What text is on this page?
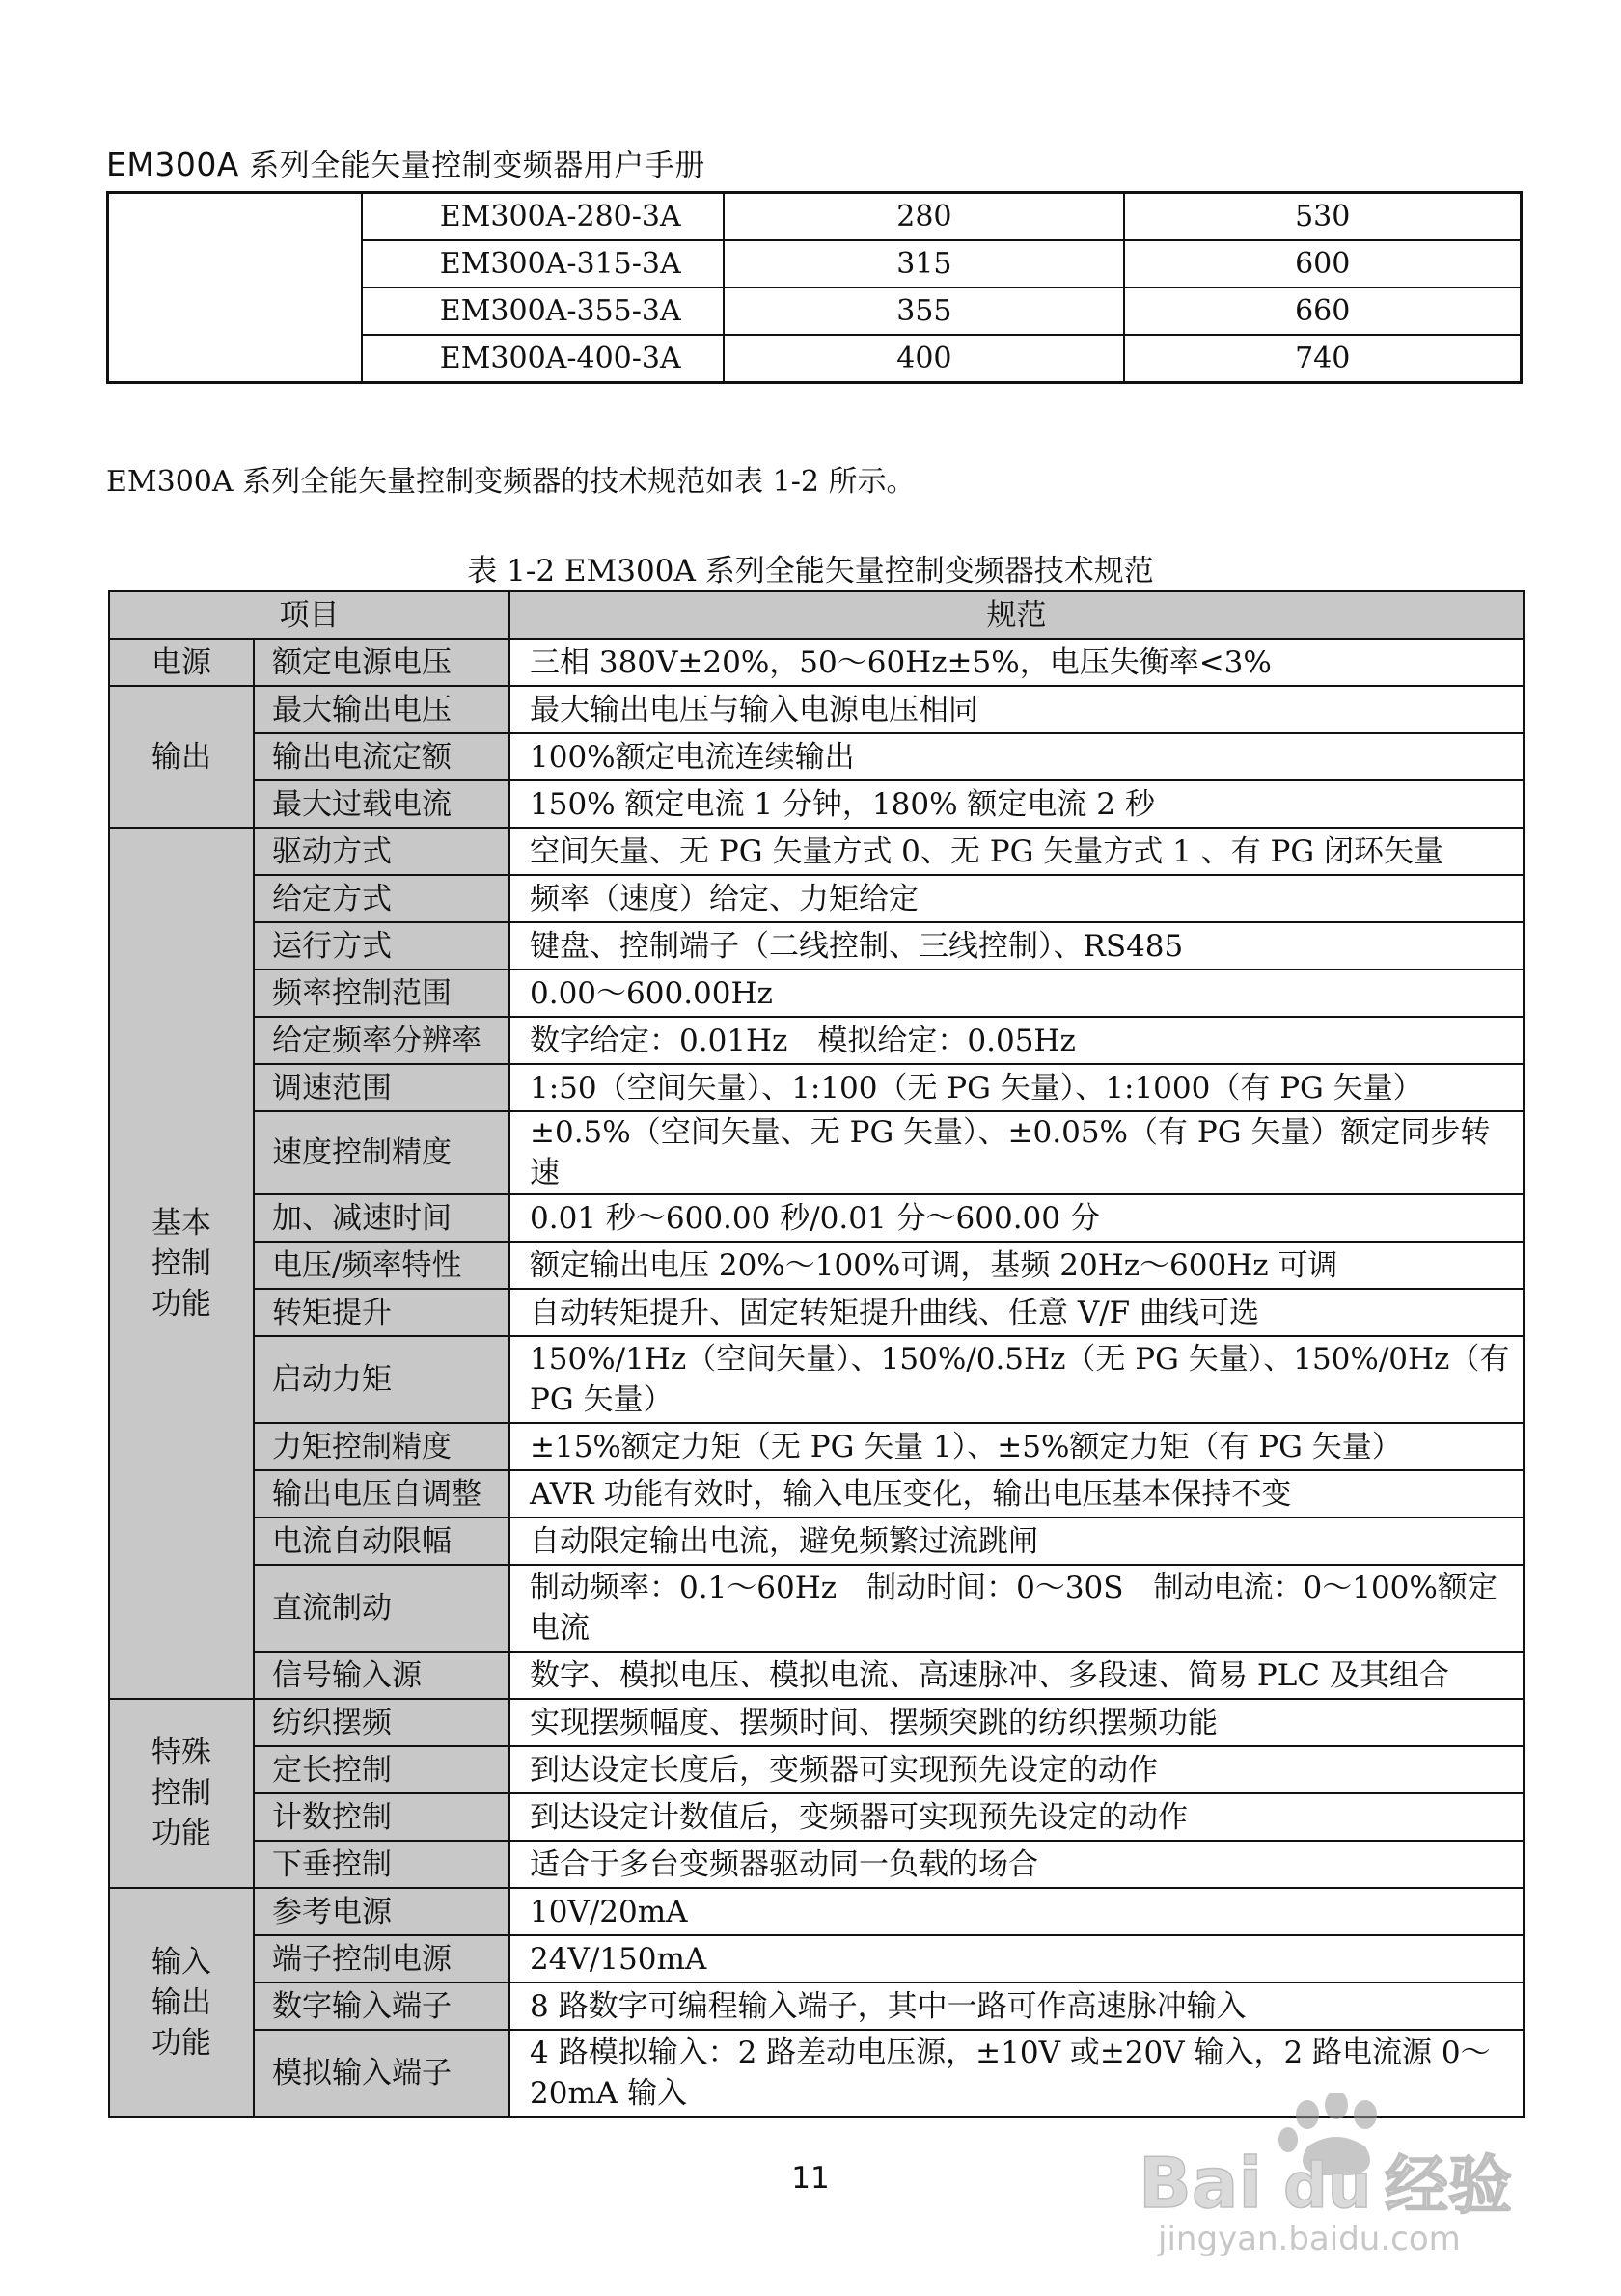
EM300A 系列全能矢量控制变频器用户手册
	EM300A-280-3A	280	530
	EM300A-315-3A	315	600
	EM300A-355-3A	355	660
	EM300A-400-3A	400	740
EM300A 系列全能矢量控制变频器的技术规范如表 1-2 所示。
表 1-2 EM300A 系列全能矢量控制变频器技术规范
项目		规范
电源	额定电源电压	三相 380V±20%，50～60Hz±5%，电压失衡率<3%
输出	最大输出电压	最大输出电压与输入电源电压相同
	输出电流定额	100%额定电流连续输出
	最大过载电流	150% 额定电流 1 分钟，180% 额定电流 2 秒
基本
控制
功能	驱动方式	空间矢量、无 PG 矢量方式 0、无 PG 矢量方式 1 、有 PG 闭环矢量
	给定方式	频率（速度）给定、力矩给定
	运行方式	键盘、控制端子（二线控制、三线控制）、RS485
	频率控制范围	0.00～600.00Hz
	给定频率分辨率	数字给定：0.01Hz　模拟给定：0.05Hz
	调速范围	1:50（空间矢量）、1:100（无 PG 矢量）、1:1000（有 PG 矢量）
	速度控制精度	±0.5%（空间矢量、无 PG 矢量）、±0.05%（有 PG 矢量）额定同步转速
	加、减速时间	0.01 秒～600.00 秒/0.01 分～600.00 分
	电压/频率特性	额定输出电压 20%～100%可调，基频 20Hz～600Hz 可调
	转矩提升	自动转矩提升、固定转矩提升曲线、任意 V/F 曲线可选
	启动力矩	150%/1Hz（空间矢量）、150%/0.5Hz（无 PG 矢量）、150%/0Hz（有 PG 矢量）
	力矩控制精度	±15%额定力矩（无 PG 矢量 1）、±5%额定力矩（有 PG 矢量）
	输出电压自调整	AVR 功能有效时，输入电压变化，输出电压基本保持不变
	电流自动限幅	自动限定输出电流，避免频繁过流跳闸
	直流制动	制动频率：0.1～60Hz　制动时间：0～30S　制动电流：0～100%额定电流
	信号输入源	数字、模拟电压、模拟电流、高速脉冲、多段速、简易 PLC 及其组合
特殊
控制
功能	纺织摆频	实现摆频幅度、摆频时间、摆频突跳的纺织摆频功能
	定长控制	到达设定长度后，变频器可实现预先设定的动作
	计数控制	到达设定计数值后，变频器可实现预先设定的动作
	下垂控制	适合于多台变频器驱动同一负载的场合
输入
输出
功能	参考电源	10V/20mA
	端子控制电源	24V/150mA
	数字输入端子	8 路数字可编程输入端子，其中一路可作高速脉冲输入
	模拟输入端子	4 路模拟输入：2 路差动电压源，±10V 或±20V 输入，2 路电流源 0～20mA 输入
11	Bai du 经验
jingyan.baidu.com
